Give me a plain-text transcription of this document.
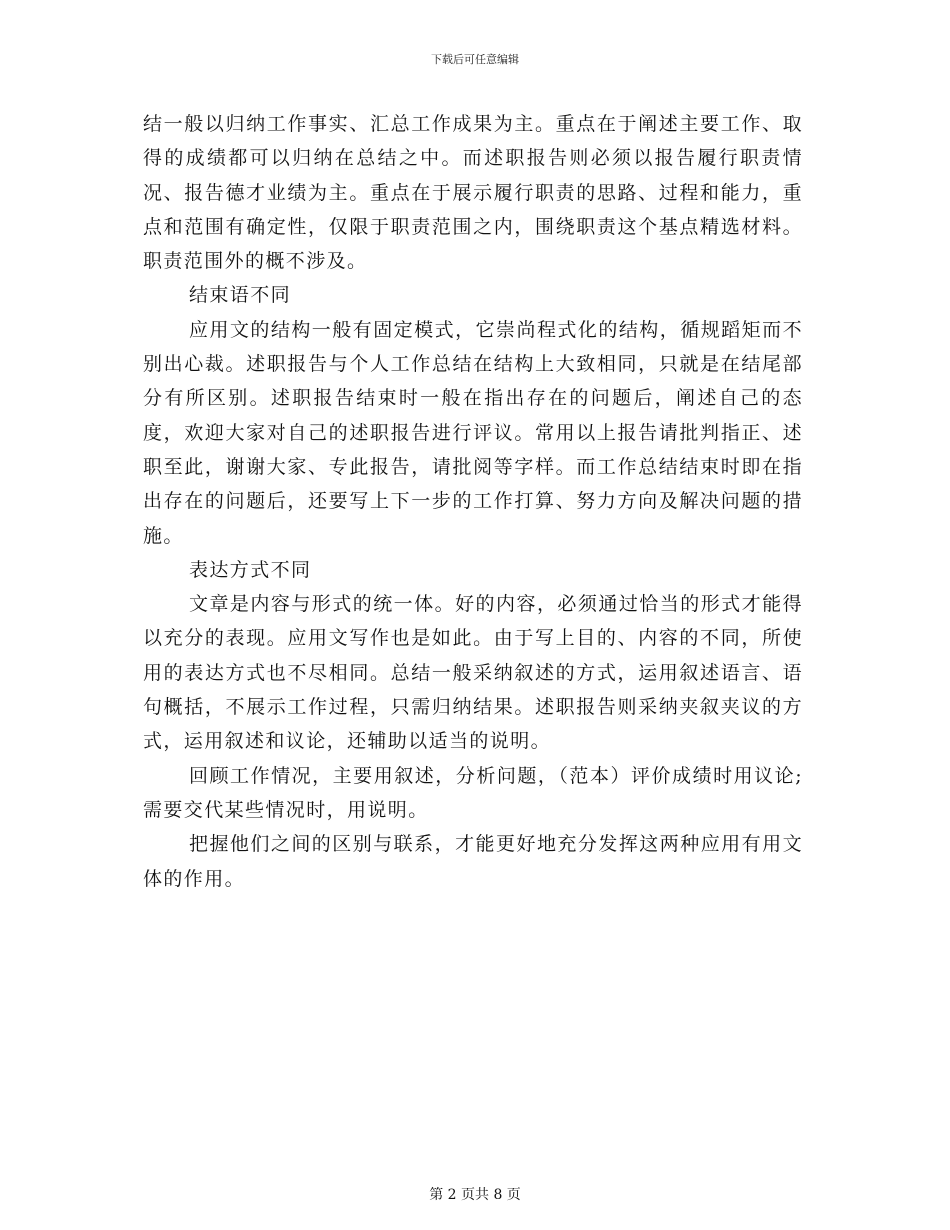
下载后可任意编辑

结一般以归纳工作事实、汇总工作成果为主。重点在于阐述主要工作、取得的成绩都可以归纳在总结之中。而述职报告则必须以报告履行职责情况、报告德才业绩为主。重点在于展示履行职责的思路、过程和能力，重点和范围有确定性，仅限于职责范围之内，围绕职责这个基点精选材料。职责范围外的概不涉及。

结束语不同

应用文的结构一般有固定模式，它崇尚程式化的结构，循规蹈矩而不别出心裁。述职报告与个人工作总结在结构上大致相同，只就是在结尾部分有所区别。述职报告结束时一般在指出存在的问题后，阐述自己的态度，欢迎大家对自己的述职报告进行评议。常用以上报告请批判指正、述职至此，谢谢大家、专此报告，请批阅等字样。而工作总结结束时即在指出存在的问题后，还要写上下一步的工作打算、努力方向及解决问题的措施。

表达方式不同

文章是内容与形式的统一体。好的内容，必须通过恰当的形式才能得以充分的表现。应用文写作也是如此。由于写上目的、内容的不同，所使用的表达方式也不尽相同。总结一般采纳叙述的方式，运用叙述语言、语句概括，不展示工作过程，只需归纳结果。述职报告则采纳夹叙夹议的方式，运用叙述和议论，还辅助以适当的说明。

回顾工作情况，主要用叙述，分析问题，（范本）评价成绩时用议论;需要交代某些情况时，用说明。

把握他们之间的区别与联系，才能更好地充分发挥这两种应用有用文体的作用。

第 2 页共 8 页
